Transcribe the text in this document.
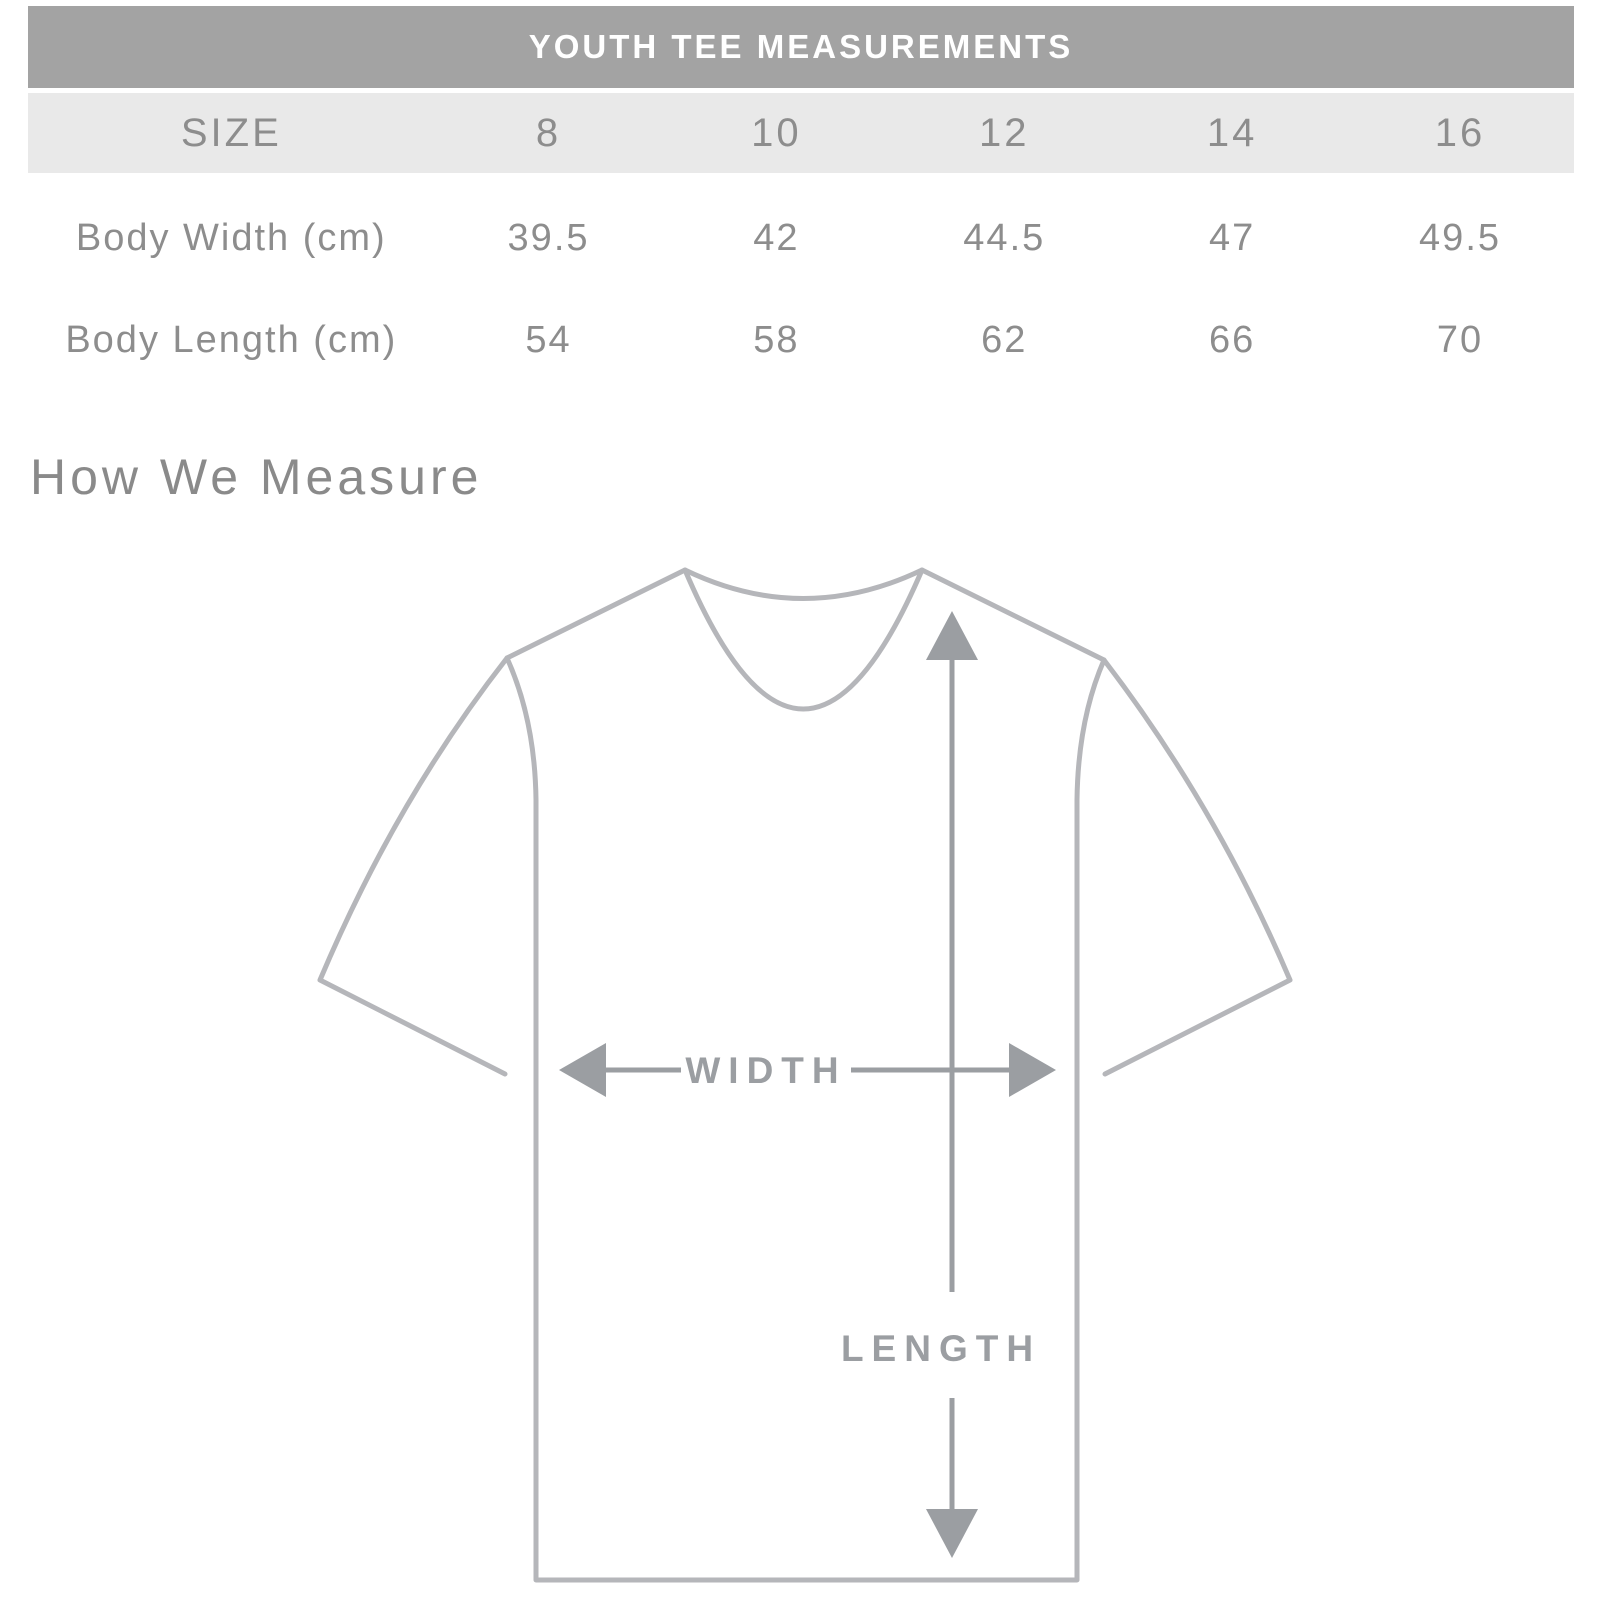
YOUTH TEE MEASUREMENTS
SIZE	8	10	12	14	16
Body Width (cm)	39.5	42	44.5	47	49.5
Body Length (cm)	54	58	62	66	70
How We Measure
LENGTH
WIDTH
